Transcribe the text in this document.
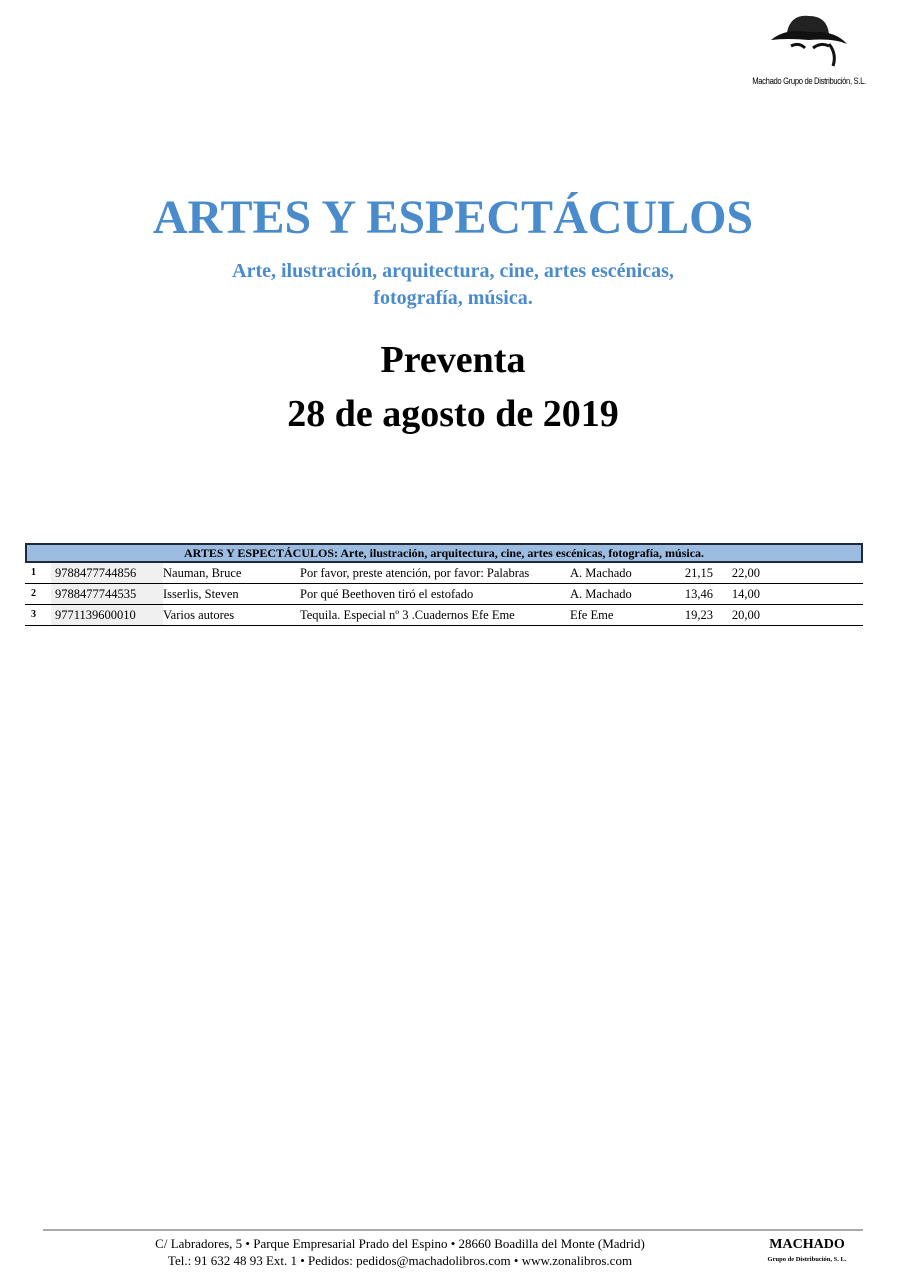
Machado Grupo de Distribución, S.L.
ARTES Y ESPECTÁCULOS
Arte, ilustración, arquitectura, cine, artes escénicas,
fotografía, música.
Preventa
28 de agosto de 2019
ARTES Y ESPECTÁCULOS: Arte, ilustración, arquitectura, cine, artes escénicas, fotografía, música.
1	9788477744856	Nauman, Bruce	Por favor, preste atención, por favor: Palabras	A. Machado	21,15 22,00
2	9788477744535	Isserlis, Steven	Por qué Beethoven tiró el estofado	A. Machado	13,46 14,00
3	9771139600010	Varios autores	Tequila. Especial nº 3 .Cuadernos Efe Eme	Efe Eme	19,23 20,00
C/ Labradores, 5 • Parque Empresarial Prado del Espino • 28660 Boadilla del Monte (Madrid)
Tel.: 91 632 48 93 Ext. 1 • Pedidos: pedidos@machadolibros.com • www.zonalibros.com
MACHADO
Grupo de Distribución, S. L.
